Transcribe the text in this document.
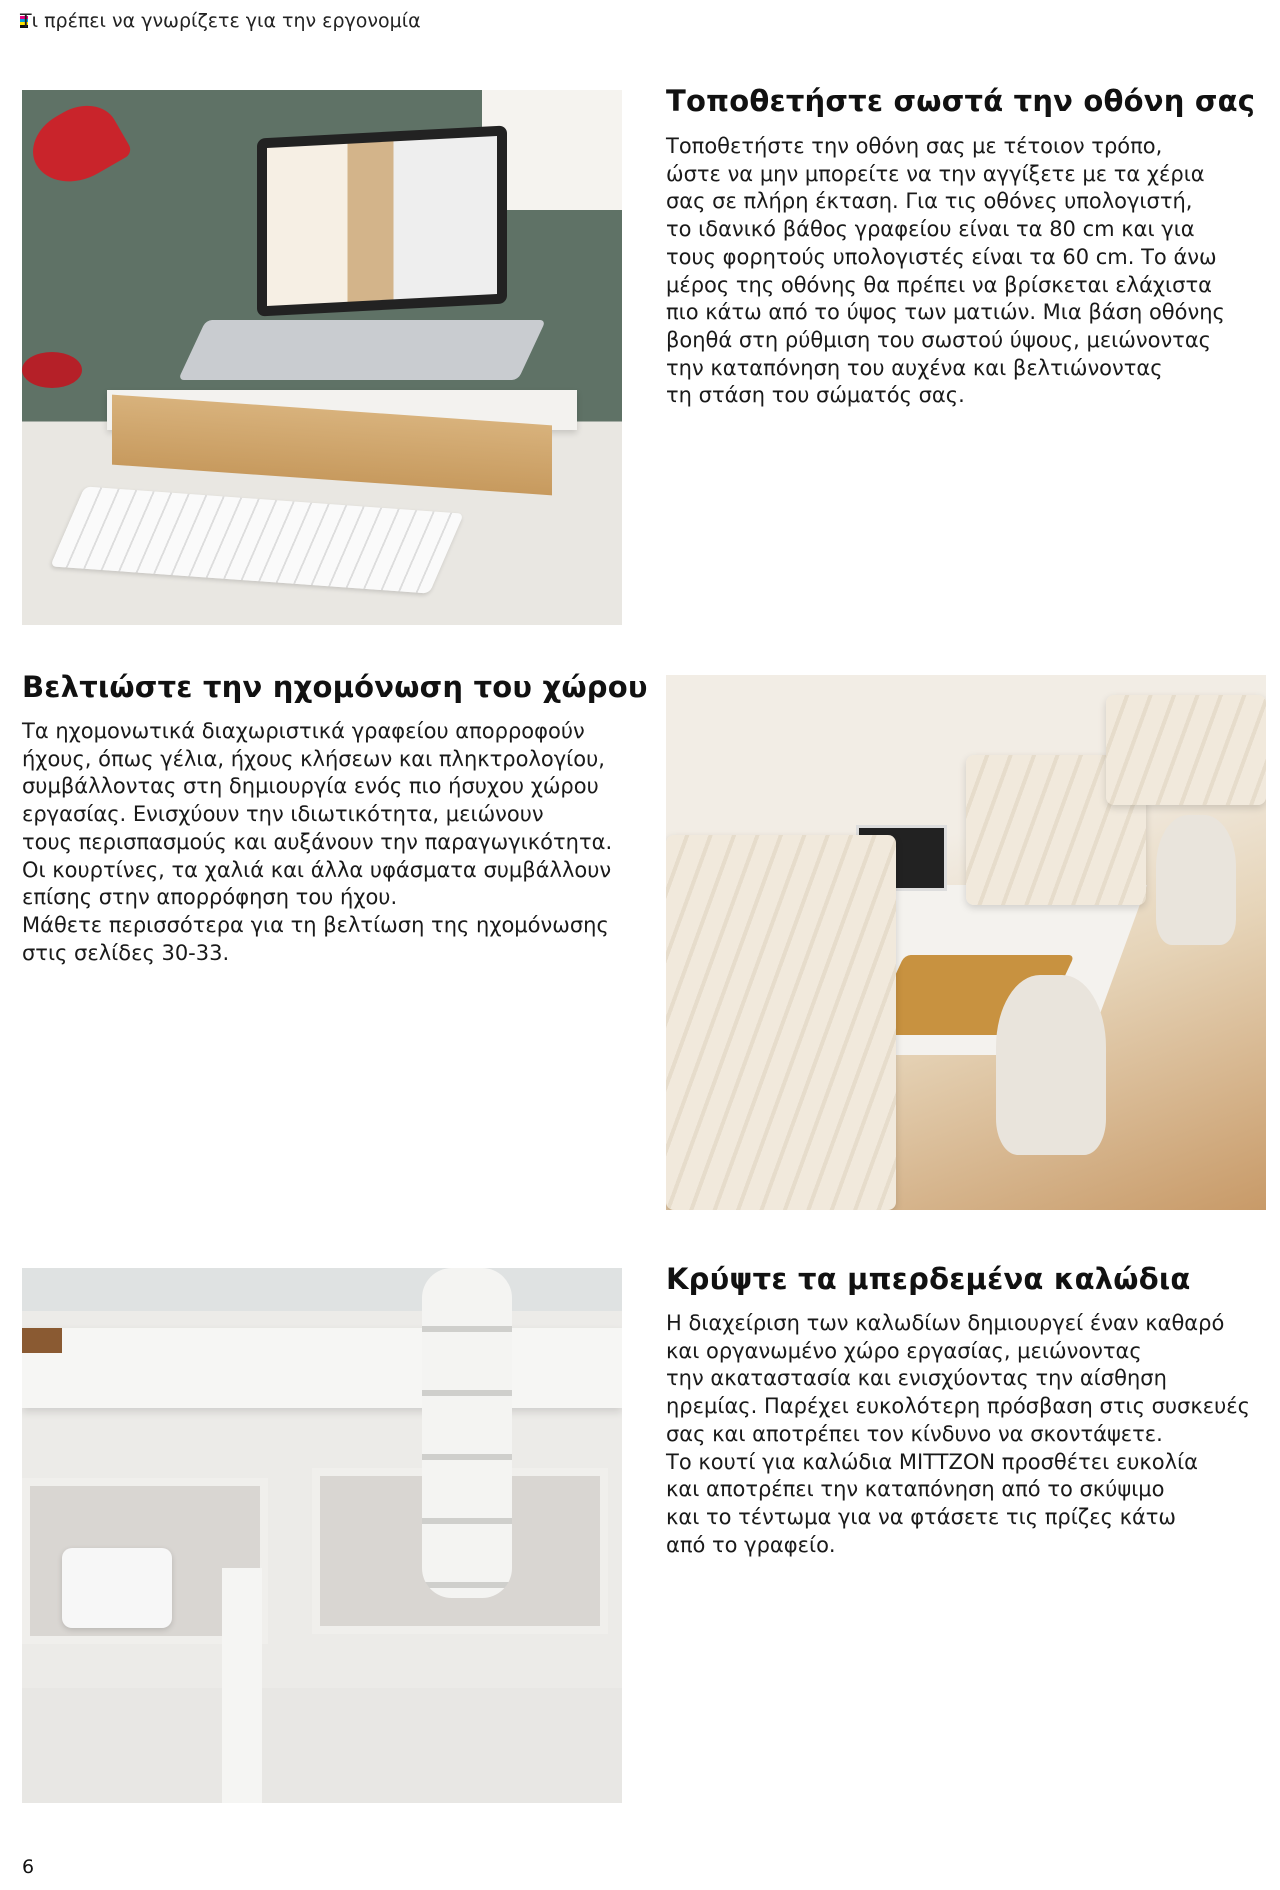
Τι πρέπει να γνωρίζετε για την εργονομία
Τοποθετήστε σωστά την οθόνη σας
Τοποθετήστε την οθόνη σας με τέτοιον τρόπο,
ώστε να μην μπορείτε να την αγγίξετε με τα χέρια
σας σε πλήρη έκταση. Για τις οθόνες υπολογιστή,
το ιδανικό βάθος γραφείου είναι τα 80 cm και για
τους φορητούς υπολογιστές είναι τα 60 cm. Το άνω
μέρος της οθόνης θα πρέπει να βρίσκεται ελάχιστα
πιο κάτω από το ύψος των ματιών. Μια βάση οθόνης
βοηθά στη ρύθμιση του σωστού ύψους, μειώνοντας
την καταπόνηση του αυχένα και βελτιώνοντας
τη στάση του σώματός σας.
Βελτιώστε την ηχομόνωση του χώρου
Τα ηχομονωτικά διαχωριστικά γραφείου απορροφούν
ήχους, όπως γέλια, ήχους κλήσεων και πληκτρολογίου,
συμβάλλοντας στη δημιουργία ενός πιο ήσυχου χώρου
εργασίας. Ενισχύουν την ιδιωτικότητα, μειώνουν
τους περισπασμούς και αυξάνουν την παραγωγικότητα.
Οι κουρτίνες, τα χαλιά και άλλα υφάσματα συμβάλλουν
επίσης στην απορρόφηση του ήχου.
Μάθετε περισσότερα για τη βελτίωση της ηχομόνωσης
στις σελίδες 30-33.
Κρύψτε τα μπερδεμένα καλώδια
Η διαχείριση των καλωδίων δημιουργεί έναν καθαρό
και οργανωμένο χώρο εργασίας, μειώνοντας
την ακαταστασία και ενισχύοντας την αίσθηση
ηρεμίας. Παρέχει ευκολότερη πρόσβαση στις συσκευές
σας και αποτρέπει τον κίνδυνο να σκοντάψετε.
Το κουτί για καλώδια MITTZON προσθέτει ευκολία
και αποτρέπει την καταπόνηση από το σκύψιμο
και το τέντωμα για να φτάσετε τις πρίζες κάτω
από το γραφείο.
6
